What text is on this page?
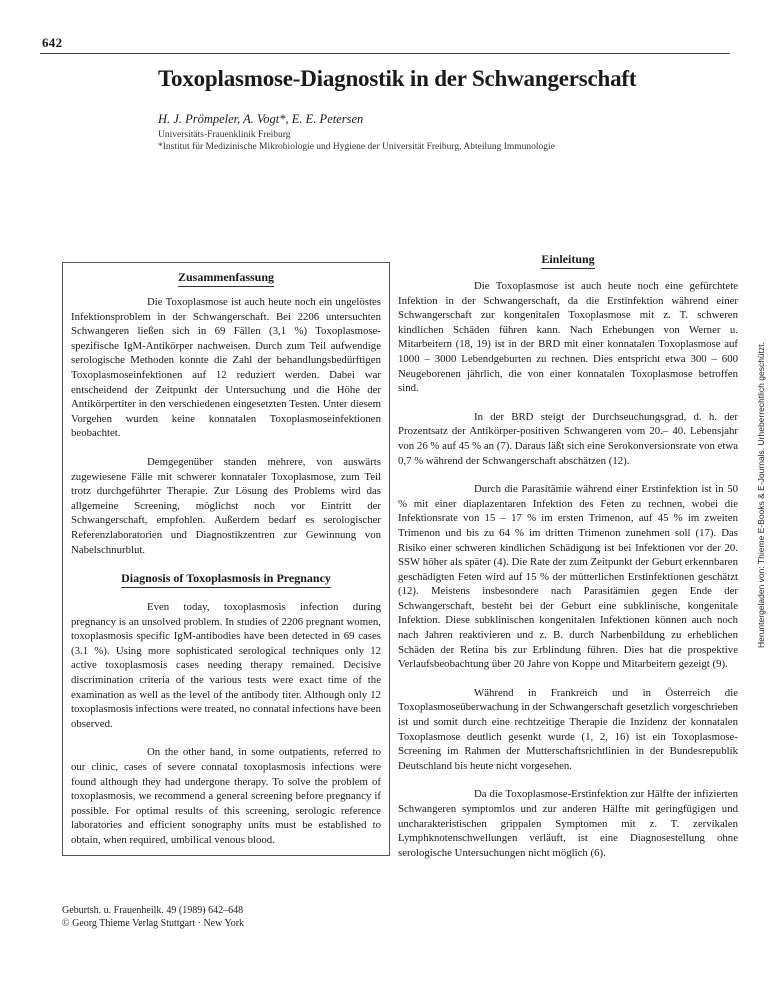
642
Toxoplasmose-Diagnostik in der Schwangerschaft
H. J. Prömpeler, A. Vogt*, E. E. Petersen
Universitäts-Frauenklinik Freiburg
*Institut für Medizinische Mikrobiologie und Hygiene der Universität Freiburg, Abteilung Immunologie
Zusammenfassung

Die Toxoplasmose ist auch heute noch ein ungelöstes Infektionsproblem in der Schwangerschaft. Bei 2206 untersuchten Schwangeren ließen sich in 69 Fällen (3,1 %) Toxoplasmose-spezifische IgM-Antikörper nachweisen. Durch zum Teil aufwendige serologische Methoden konnte die Zahl der behandlungsbedürftigen Toxoplasmoseinfektionen auf 12 reduziert werden. Dabei war entscheidend der Zeitpunkt der Untersuchung und die Höhe der Antikörpertiter in den verschiedenen eingesetzten Testen. Unter diesem Vorgehen wurden keine konnatalen Toxoplasmoseinfektionen beobachtet.

Demgegenüber standen mehrere, von auswärts zugewiesene Fälle mit schwerer konnataler Toxoplasmose, zum Teil trotz durchgeführter Therapie. Zur Lösung des Problems wird das allgemeine Screening, möglichst noch vor Eintritt der Schwangerschaft, empfohlen. Außerdem bedarf es serologischer Referenzlaboratorien und Diagnostikzentren zur Gewinnung von Nabelschnurblut.

Diagnosis of Toxoplasmosis in Pregnancy

Even today, toxoplasmosis infection during pregnancy is an unsolved problem. In studies of 2206 pregnant women, toxoplasmosis specific IgM-antibodies have been detected in 69 cases (3.1 %). Using more sophisticated serological techniques only 12 active toxoplasmosis cases needing therapy remained. Decisive discrimination criteria of the various tests were exact time of the examination as well as the level of the antibody titer. Although only 12 toxoplasmosis infections were treated, no connatal infections have been observed.

On the other hand, in some outpatients, referred to our clinic, cases of severe connatal toxoplasmosis infections were found although they had undergone therapy. To solve the problem of toxoplasmosis, we recommend a general screening before pregnancy if possible. For optimal results of this screening, serologic reference laboratories and efficient sonography units must be established to obtain, when required, umbilical venous blood.

Einleitung

Die Toxoplasmose ist auch heute noch eine gefürchtete Infektion in der Schwangerschaft, da die Erstinfektion während einer Schwangerschaft zur kongenitalen Toxoplasmose mit z. T. schweren kindlichen Schäden führen kann. Nach Erhebungen von Werner u. Mitarbeitern (18, 19) ist in der BRD mit einer konnatalen Toxoplasmose auf 1000 – 3000 Lebendgeburten zu rechnen. Dies entspricht etwa 300 – 600 Neugeborenen jährlich, die von einer konnatalen Toxoplasmose betroffen sind.

In der BRD steigt der Durchseuchungsgrad, d. h. der Prozentsatz der Antikörper-positiven Schwangeren vom 20.– 40. Lebensjahr von 26 % auf 45 % an (7). Daraus läßt sich eine Serokonversionsrate von etwa 0,7 % während der Schwangerschaft abschätzen (12).

Durch die Parasitämie während einer Erstinfektion ist in 50 % mit einer diaplazentaren Infektion des Feten zu rechnen, wobei die Infektionsrate von 15 – 17 % im ersten Trimenon, auf 45 % im zweiten Trimenon und bis zu 64 % im dritten Trimenon zunehmen soll (17). Das Risiko einer schweren kindlichen Schädigung ist bei Infektionen vor der 20. SSW höher als später (4). Die Rate der zum Zeitpunkt der Geburt erkennbaren geschädigten Feten wird auf 15 % der mütterlichen Erstinfektionen geschätzt (12). Meistens insbesondere nach Parasitämien gegen Ende der Schwangerschaft, besteht bei der Geburt eine subklinische, kongenitale Infektion. Diese subklinischen kongenitalen Infektionen können auch noch nach Jahren reaktivieren und z. B. durch Narbenbildung zu erheblichen Schäden der Retina bis zur Erblindung führen. Dies hat die prospektive Verlaufsbeobachtung über 20 Jahre von Koppe und Mitarbeitern gezeigt (9).

Während in Frankreich und in Österreich die Toxoplasmoseüberwachung in der Schwangerschaft gesetzlich vorgeschrieben ist und somit durch eine rechtzeitige Therapie die Inzidenz der konnatalen Toxoplasmose deutlich gesenkt wurde (1, 2, 16) ist ein Toxoplasmose-Screening im Rahmen der Mutterschaftsrichtlinien in der Bundesrepublik Deutschland bis heute nicht vorgesehen.

Da die Toxoplasmose-Erstinfektion zur Hälfte der infizierten Schwangeren symptomlos und zur anderen Hälfte mit geringfügigen und uncharakteristischen grippalen Symptomen mit z. T. zervikalen Lymphknotenschwellungen verläuft, ist eine Diagnosestellung ohne serologische Untersuchungen nicht möglich (6).

Geburtsh. u. Frauenheilk. 49 (1989) 642–648
© Georg Thieme Verlag Stuttgart · New York
Heruntergeladen von: Thieme E-Books & E-Journals. Urheberrechtlich geschützt.
